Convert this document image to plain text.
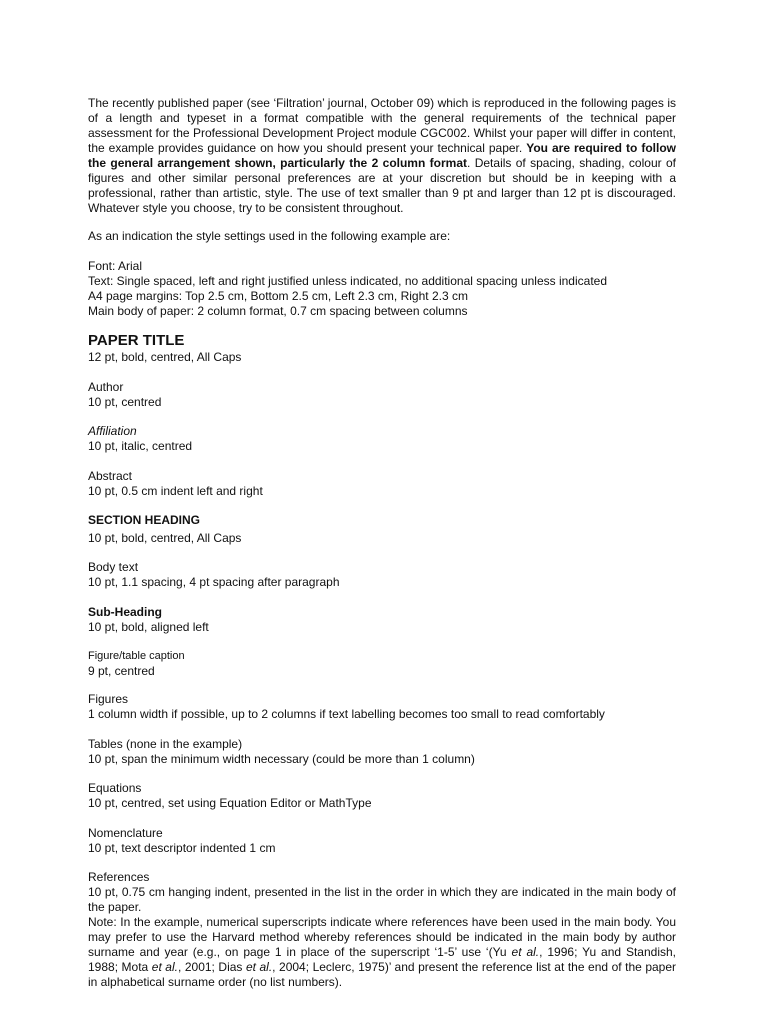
The recently published paper (see ‘Filtration’ journal, October 09) which is reproduced in the following pages is of a length and typeset in a format compatible with the general requirements of the technical paper assessment for the Professional Development Project module CGC002. Whilst your paper will differ in content, the example provides guidance on how you should present your technical paper. You are required to follow the general arrangement shown, particularly the 2 column format. Details of spacing, shading, colour of figures and other similar personal preferences are at your discretion but should be in keeping with a professional, rather than artistic, style. The use of text smaller than 9 pt and larger than 12 pt is discouraged. Whatever style you choose, try to be consistent throughout.

As an indication the style settings used in the following example are:

Font: Arial
Text: Single spaced, left and right justified unless indicated, no additional spacing unless indicated
A4 page margins: Top 2.5 cm, Bottom 2.5 cm, Left 2.3 cm, Right 2.3 cm
Main body of paper: 2 column format, 0.7 cm spacing between columns
PAPER TITLE
12 pt, bold, centred, All Caps
Author
10 pt, centred
Affiliation
10 pt, italic, centred
Abstract
10 pt, 0.5 cm indent left and right
SECTION HEADING
10 pt, bold, centred, All Caps
Body text
10 pt, 1.1 spacing, 4 pt spacing after paragraph
Sub-Heading
10 pt, bold, aligned left
Figure/table caption
9 pt, centred
Figures
1 column width if possible, up to 2 columns if text labelling becomes too small to read comfortably
Tables (none in the example)
10 pt, span the minimum width necessary (could be more than 1 column)
Equations
10 pt, centred, set using Equation Editor or MathType
Nomenclature
10 pt, text descriptor indented 1 cm
References
10 pt, 0.75 cm hanging indent, presented in the list in the order in which they are indicated in the main body of the paper.
Note: In the example, numerical superscripts indicate where references have been used in the main body. You may prefer to use the Harvard method whereby references should be indicated in the main body by author surname and year (e.g., on page 1 in place of the superscript ‘1-5’ use ‘(Yu et al., 1996; Yu and Standish, 1988; Mota et al., 2001; Dias et al., 2004; Leclerc, 1975)’ and present the reference list at the end of the paper in alphabetical surname order (no list numbers).
